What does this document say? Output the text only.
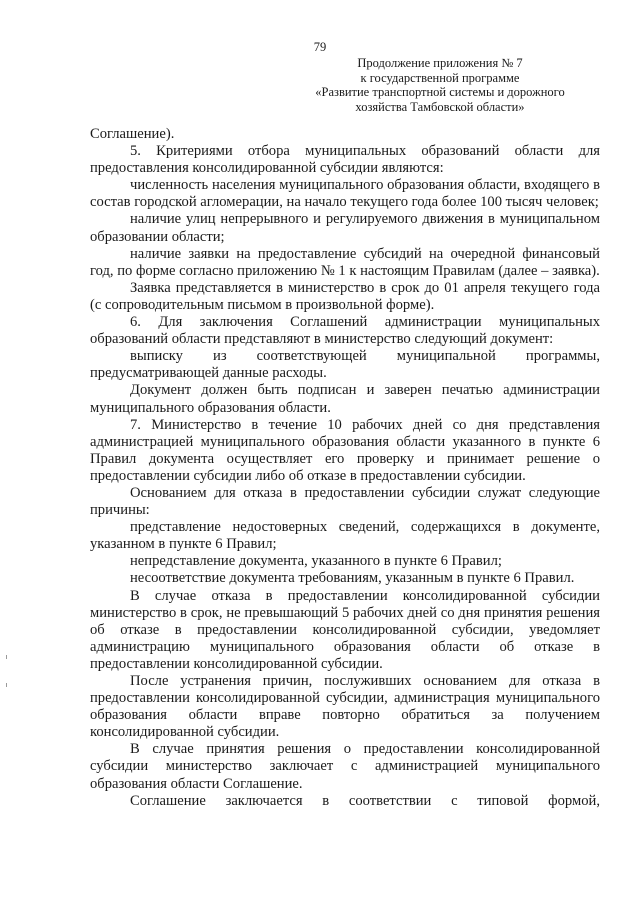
79
Продолжение приложения № 7
к государственной программе
«Развитие транспортной системы и дорожного
хозяйства Тамбовской области»

Соглашение).

5. Критериями отбора муниципальных образований области для предоставления консолидированной субсидии являются:

численность населения муниципального образования области, входящего в состав городской агломерации, на начало текущего года более 100 тысяч человек;

наличие улиц непрерывного и регулируемого движения в муниципальном образовании области;

наличие заявки на предоставление субсидий на очередной финансовый год, по форме согласно приложению № 1 к настоящим Правилам (далее – заявка).

Заявка представляется в министерство в срок до 01 апреля текущего года (с сопроводительным письмом в произвольной форме).

6. Для заключения Соглашений администрации муниципальных образований области представляют в министерство следующий документ:

выписку из соответствующей муниципальной программы, предусматривающей данные расходы.

Документ должен быть подписан и заверен печатью администрации муниципального образования области.

7. Министерство в течение 10 рабочих дней со дня представления администрацией муниципального образования области указанного в пункте 6 Правил документа осуществляет его проверку и принимает решение о предоставлении субсидии либо об отказе в предоставлении субсидии.

Основанием для отказа в предоставлении субсидии служат следующие причины:

представление недостоверных сведений, содержащихся в документе, указанном в пункте 6 Правил;

непредставление документа, указанного в пункте 6 Правил;

несоответствие документа требованиям, указанным в пункте 6 Правил.

В случае отказа в предоставлении консолидированной субсидии министерство в срок, не превышающий 5 рабочих дней со дня принятия решения об отказе в предоставлении консолидированной субсидии, уведомляет администрацию муниципального образования области об отказе в предоставлении консолидированной субсидии.

После устранения причин, послуживших основанием для отказа в предоставлении консолидированной субсидии, администрация муниципального образования области вправе повторно обратиться за получением консолидированной субсидии.

В случае принятия решения о предоставлении консолидированной субсидии министерство заключает с администрацией муниципального образования области Соглашение.

Соглашение заключается в соответствии с типовой формой,
